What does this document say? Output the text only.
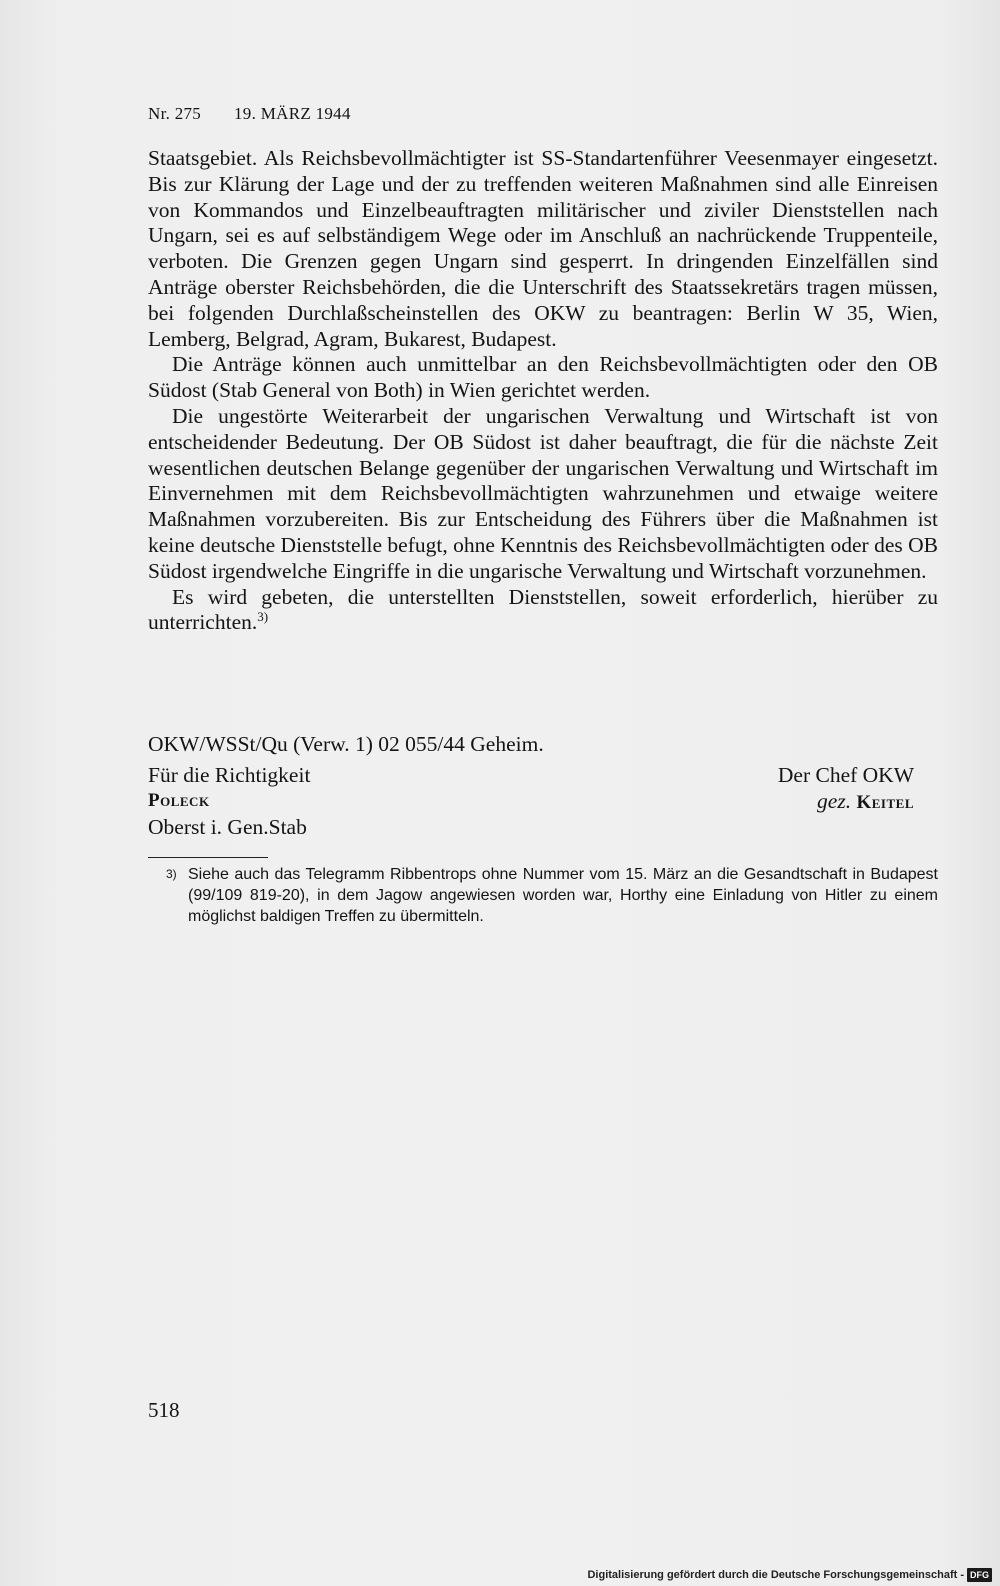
Nr. 275 19. MÄRZ 1944

Staatsgebiet. Als Reichsbevollmächtigter ist SS-Standartenführer Veesenmayer eingesetzt. Bis zur Klärung der Lage und der zu treffenden weiteren Maßnahmen sind alle Einreisen von Kommandos und Einzelbeauftragten militärischer und ziviler Dienststellen nach Ungarn, sei es auf selbständigem Wege oder im Anschluß an nachrückende Truppenteile, verboten. Die Grenzen gegen Ungarn sind gesperrt. In dringenden Einzelfällen sind Anträge oberster Reichsbehörden, die die Unterschrift des Staatssekretärs tragen müssen, bei folgenden Durchlaßscheinstellen des OKW zu beantragen: Berlin W 35, Wien, Lemberg, Belgrad, Agram, Bukarest, Budapest.

Die Anträge können auch unmittelbar an den Reichsbevollmächtigten oder den OB Südost (Stab General von Both) in Wien gerichtet werden.

Die ungestörte Weiterarbeit der ungarischen Verwaltung und Wirtschaft ist von entscheidender Bedeutung. Der OB Südost ist daher beauftragt, die für die nächste Zeit wesentlichen deutschen Belange gegenüber der ungarischen Verwaltung und Wirtschaft im Einvernehmen mit dem Reichsbevollmächtigten wahrzunehmen und etwaige weitere Maßnahmen vorzubereiten. Bis zur Entscheidung des Führers über die Maßnahmen ist keine deutsche Dienststelle befugt, ohne Kenntnis des Reichsbevollmächtigten oder des OB Südost irgendwelche Eingriffe in die ungarische Verwaltung und Wirtschaft vorzunehmen.

Es wird gebeten, die unterstellten Dienststellen, soweit erforderlich, hierüber zu unterrichten.$^{3)}$

OKW/WSSt/Qu (Verw. 1) 02 055/44 Geheim.
Für die Richtigkeit
Poleck
Oberst i. Gen.Stab
Der Chef OKW
gez. Keitel
3) Siehe auch das Telegramm Ribbentrops ohne Nummer vom 15. März an die Gesandtschaft in Budapest (99/109 819-20), in dem Jagow angewiesen worden war, Horthy eine Einladung von Hitler zu einem möglichst baldigen Treffen zu übermitteln.
518
Digitalisierung gefördert durch die Deutsche Forschungsgemeinschaft - DFG
